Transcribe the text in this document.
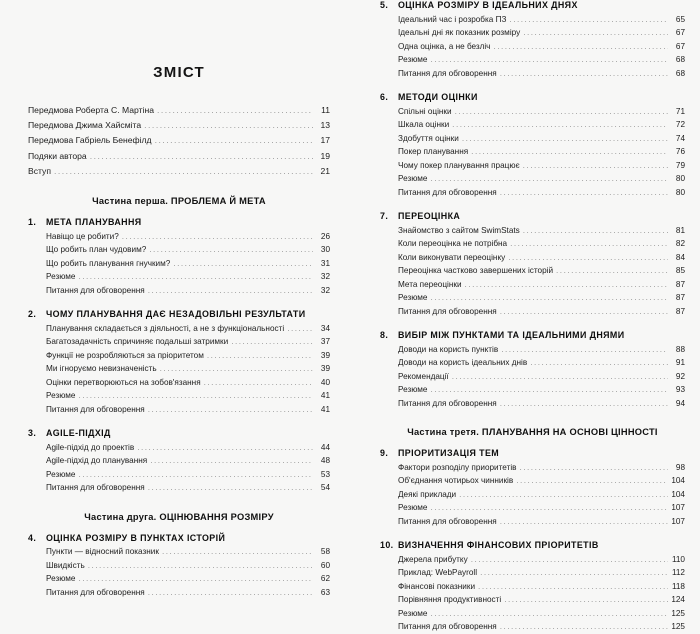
ЗМІСТ
Передмова Роберта С. Мартіна .....	11
Передмова Джима Хайсміта .....	13
Передмова Габріель Бенефілд .....	17
Подяки автора .....	19
Вступ .....	21
Частина перша. ПРОБЛЕМА Й МЕТА
1.	МЕТА ПЛАНУВАННЯ
Навіщо це робити? .....	26
Що робить план чудовим? .....	30
Що робить планування гнучким? .....	31
Резюме .....	32
Питання для обговорення .....	32
2.	ЧОМУ ПЛАНУВАННЯ ДАЄ НЕЗАДОВІЛЬНІ РЕЗУЛЬТАТИ
Планування складається з діяльності, а не з функціональності .....	34
Багатозадачність спричиняє подальші затримки .....	37
Функції не розробляються за пріоритетом .....	39
Ми ігноруємо невизначеність .....	39
Оцінки перетворюються на зобов'язання .....	40
Резюме .....	41
Питання для обговорення .....	41
3.	AGILE-ПІДХІД
Agile-підхід до проектів .....	44
Agile-підхід до планування .....	48
Резюме .....	53
Питання для обговорення .....	54
Частина друга. ОЦІНЮВАННЯ РОЗМІРУ
4.	ОЦІНКА РОЗМІРУ В ПУНКТАХ ІСТОРІЙ
Пункти — відносний показник .....	58
Швидкість .....	60
Резюме .....	62
Питання для обговорення .....	63
5.	ОЦІНКА РОЗМІРУ В ІДЕАЛЬНИХ ДНЯХ
Ідеальний час і розробка ПЗ .....	65
Ідеальні дні як показник розміру .....	67
Одна оцінка, а не безліч .....	67
Резюме .....	68
Питання для обговорення .....	68
6.	МЕТОДИ ОЦІНКИ
Спільні оцінки .....	71
Шкала оцінки .....	72
Здобуття оцінки .....	74
Покер планування .....	76
Чому покер планування працює .....	79
Резюме .....	80
Питання для обговорення .....	80
7.	ПЕРЕОЦІНКА
Знайомство з сайтом SwimStats .....	81
Коли переоцінка не потрібна .....	82
Коли виконувати переоцінку .....	84
Переоцінка частково завершених історій .....	85
Мета переоцінки .....	87
Резюме .....	87
Питання для обговорення .....	87
8.	ВИБІР МІЖ ПУНКТАМИ ТА ІДЕАЛЬНИМИ ДНЯМИ
Доводи на користь пунктів .....	88
Доводи на користь ідеальних днів .....	91
Рекомендації .....	92
Резюме .....	93
Питання для обговорення .....	94
Частина третя. ПЛАНУВАННЯ НА ОСНОВІ ЦІННОСТІ
9.	ПРІОРИТИЗАЦІЯ ТЕМ
Фактори розподілу приоритетів .....	98
Об'єднання чотирьох чинників .....	104
Деякі приклади .....	104
Резюме .....	107
Питання для обговорення .....	107
10. ВИЗНАЧЕННЯ ФІНАНСОВИХ ПРІОРИТЕТІВ
Джерела прибутку .....	110
Приклад: WebPayroll .....	112
Фінансові показники .....	118
Порівняння продуктивності .....	124
Резюме .....	125
Питання для обговорення .....	125
